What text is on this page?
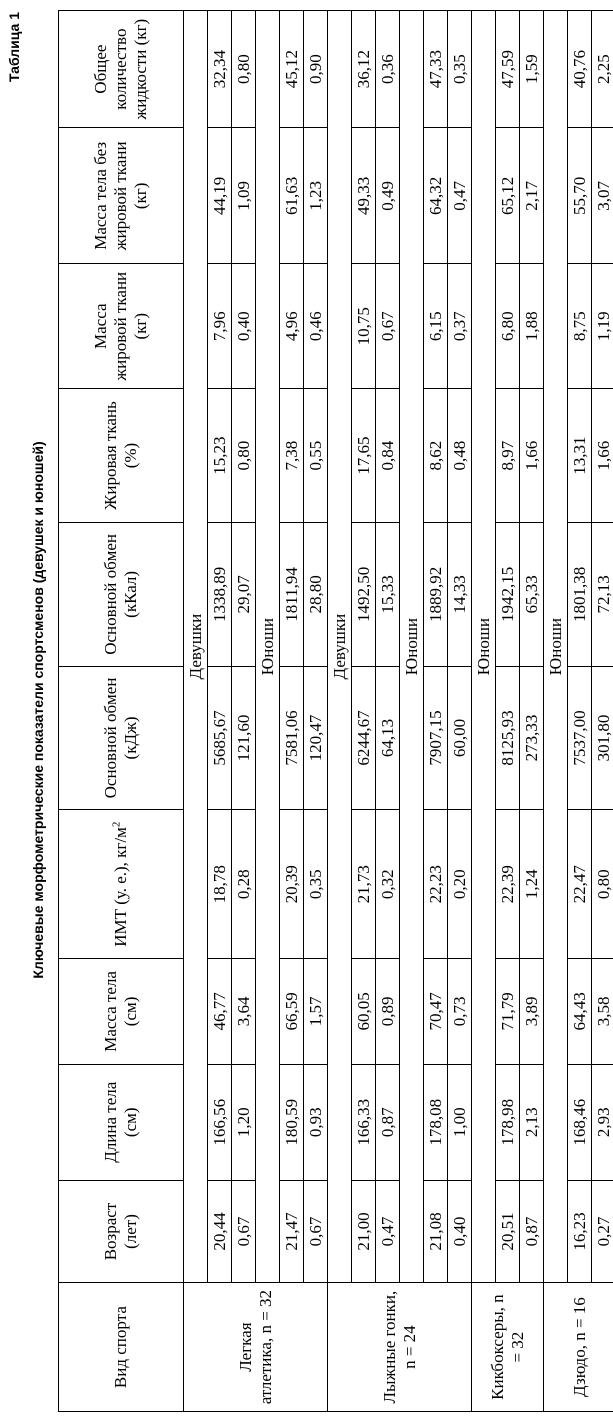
Таблица 1
Ключевые морфометрические показатели спортсменов (девушек и юношей)
Вид спорта	Возраст (лет)	Длина тела (см)	Масса тела (см)	ИМТ (у. е.), $кг/м^2$	Основной обмен (кДж)	Основной обмен (кКал)	Жировая ткань (%)	Масса жировой ткани (кг)	Масса тела без жировой ткани (кг)	Общее количество жидкости (кг)
Легкая атлетика, n = 32	Девушки									
	20,44	166,56	46,77	18,78	5685,67	1338,89	15,23	7,96	44,19	32,34
	0,67	1,20	3,64	0,28	121,60	29,07	0,80	0,40	1,09	0,80
	Юноши									
	21,47	180,59	66,59	20,39	7581,06	1811,94	7,38	4,96	61,63	45,12
	0,67	0,93	1,57	0,35	120,47	28,80	0,55	0,46	1,23	0,90
Лыжные гонки, n = 24	Девушки									
	21,00	166,33	60,05	21,73	6244,67	1492,50	17,65	10,75	49,33	36,12
	0,47	0,87	0,89	0,32	64,13	15,33	0,84	0,67	0,49	0,36
	Юноши									
	21,08	178,08	70,47	22,23	7907,15	1889,92	8,62	6,15	64,32	47,33
	0,40	1,00	0,73	0,20	60,00	14,33	0,48	0,37	0,47	0,35
Кикбоксеры, n = 32	Юноши									
	20,51	178,98	71,79	22,39	8125,93	1942,15	8,97	6,80	65,12	47,59
	0,87	2,13	3,89	1,24	273,33	65,33	1,66	1,88	2,17	1,59
Дзюдо, n = 16	Юноши									
	16,23	168,46	64,43	22,47	7537,00	1801,38	13,31	8,75	55,70	40,76
	0,27	2,93	3,58	0,80	301,80	72,13	1,66	1,19	3,07	2,25
